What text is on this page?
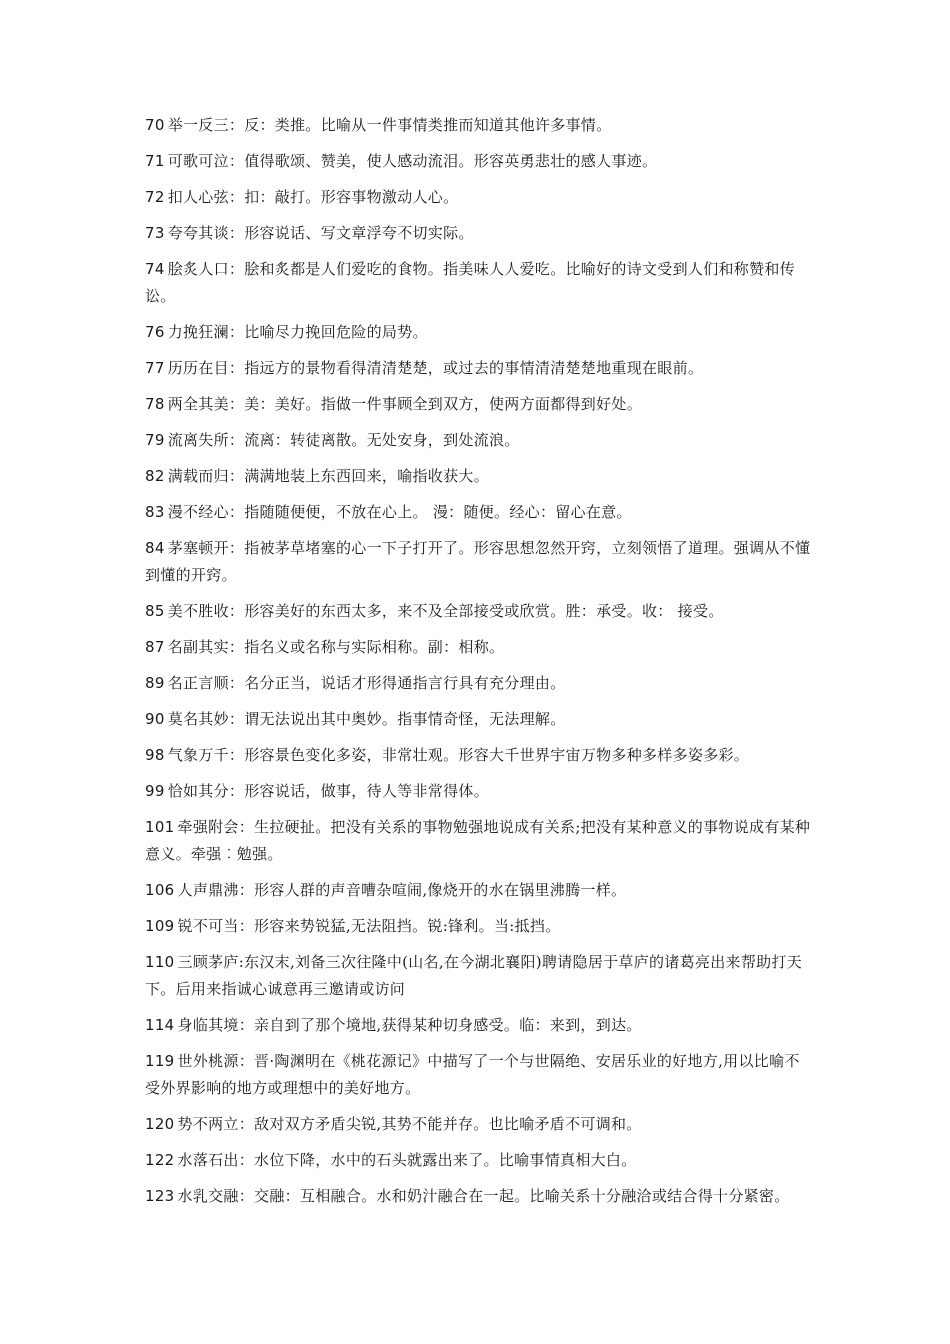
70 举一反三：反：类推。比喻从一件事情类推而知道其他许多事情。

71 可歌可泣：值得歌颂、赞美，使人感动流泪。形容英勇悲壮的感人事迹。

72 扣人心弦：扣：敲打。形容事物激动人心。

73 夸夸其谈：形容说话、写文章浮夸不切实际。

74 脍炙人口：脍和炙都是人们爱吃的食物。指美味人人爱吃。比喻好的诗文受到人们和称赞和传讼。

76 力挽狂澜：比喻尽力挽回危险的局势。

77 历历在目：指远方的景物看得清清楚楚，或过去的事情清清楚楚地重现在眼前。

78 两全其美：美：美好。指做一件事顾全到双方，使两方面都得到好处。

79 流离失所：流离：转徒离散。无处安身，到处流浪。

82 满载而归：满满地装上东西回来，喻指收获大。

83 漫不经心：指随随便便，不放在心上。 漫：随便。经心：留心在意。

84 茅塞顿开：指被茅草堵塞的心一下子打开了。形容思想忽然开窍，立刻领悟了道理。强调从不懂到懂的开窍。

85 美不胜收：形容美好的东西太多，来不及全部接受或欣赏。胜：承受。收： 接受。

87 名副其实：指名义或名称与实际相称。副：相称。

89 名正言顺：名分正当，说话才形得通指言行具有充分理由。

90 莫名其妙：谓无法说出其中奥妙。指事情奇怪，无法理解。

98 气象万千：形容景色变化多姿，非常壮观。形容大千世界宇宙万物多种多样多姿多彩。

99 恰如其分：形容说话，做事，待人等非常得体。

101 牵强附会：生拉硬扯。把没有关系的事物勉强地说成有关系;把没有某种意义的事物说成有某种意义。牵强︰勉强。

106 人声鼎沸：形容人群的声音嘈杂喧闹,像烧开的水在锅里沸腾一样。

109 锐不可当：形容来势锐猛,无法阻挡。锐:锋利。当:抵挡。

110 三顾茅庐:东汉末,刘备三次往隆中(山名,在今湖北襄阳)聘请隐居于草庐的诸葛亮出来帮助打天下。后用来指诚心诚意再三邀请或访问

114 身临其境：亲自到了那个境地,获得某种切身感受。临：来到，到达。

119 世外桃源：晋·陶渊明在《桃花源记》中描写了一个与世隔绝、安居乐业的好地方,用以比喻不受外界影响的地方或理想中的美好地方。

120 势不两立：敌对双方矛盾尖锐,其势不能并存。也比喻矛盾不可调和。

122 水落石出：水位下降，水中的石头就露出来了。比喻事情真相大白。

123 水乳交融：交融：互相融合。水和奶汁融合在一起。比喻关系十分融洽或结合得十分紧密。
